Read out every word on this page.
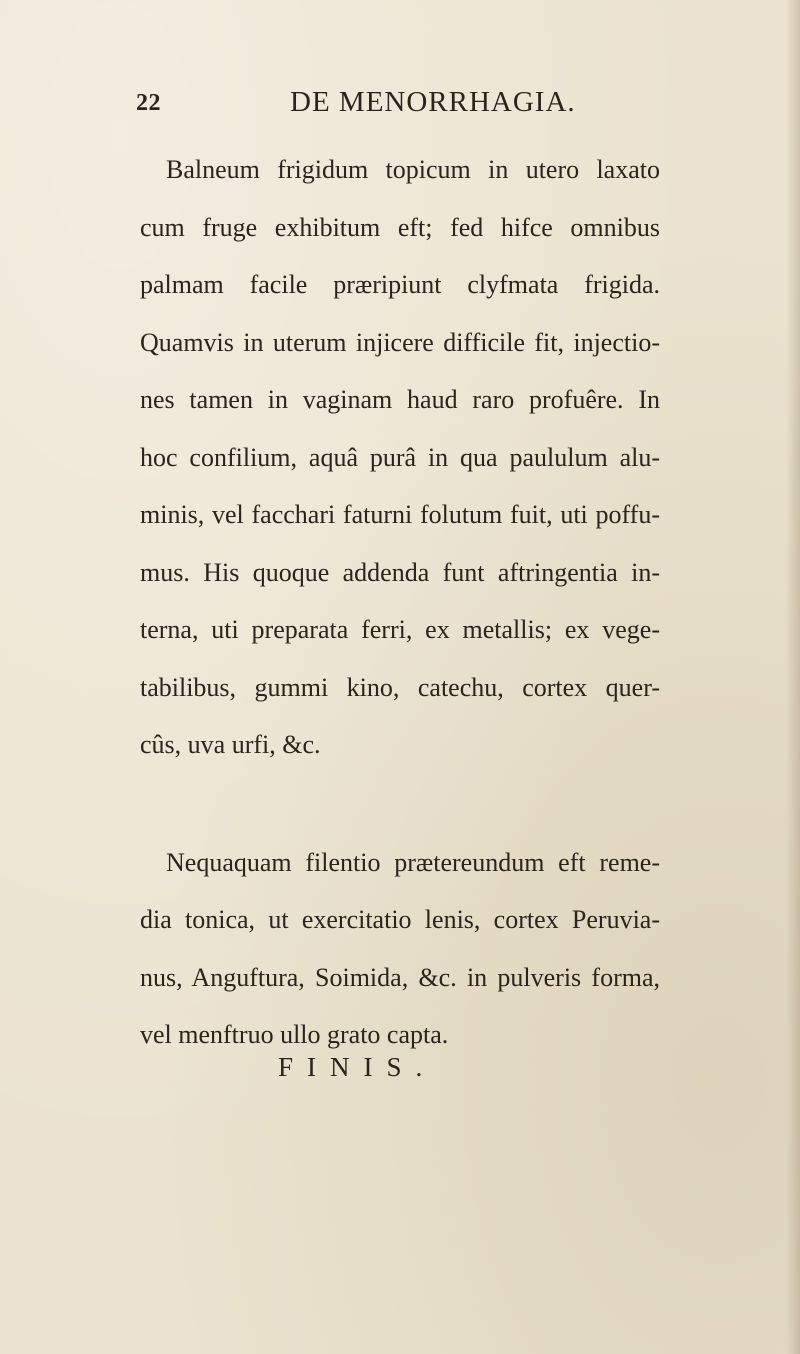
22	DE MENORRHAGIA.
Balneum frigidum topicum in utero laxato
cum fruge exhibitum eft; fed hifce omnibus
palmam facile præripiunt clyfmata frigida.
Quamvis in uterum injicere difficile fit, injectio-
nes tamen in vaginam haud raro profuêre. In
hoc confilium, aquâ purâ in qua paululum alu-
minis, vel facchari faturni folutum fuit, uti poffu-
mus. His quoque addenda funt aftringentia in-
terna, uti preparata ferri, ex metallis; ex vege-
tabilibus, gummi kino, catechu, cortex quer-
cûs, uva urfi, &c.
Nequaquam filentio prætereundum eft reme-
dia tonica, ut exercitatio lenis, cortex Peruvia-
nus, Anguftura, Soimida, &c. in pulveris forma,
vel menftruo ullo grato capta.
FINIS.
